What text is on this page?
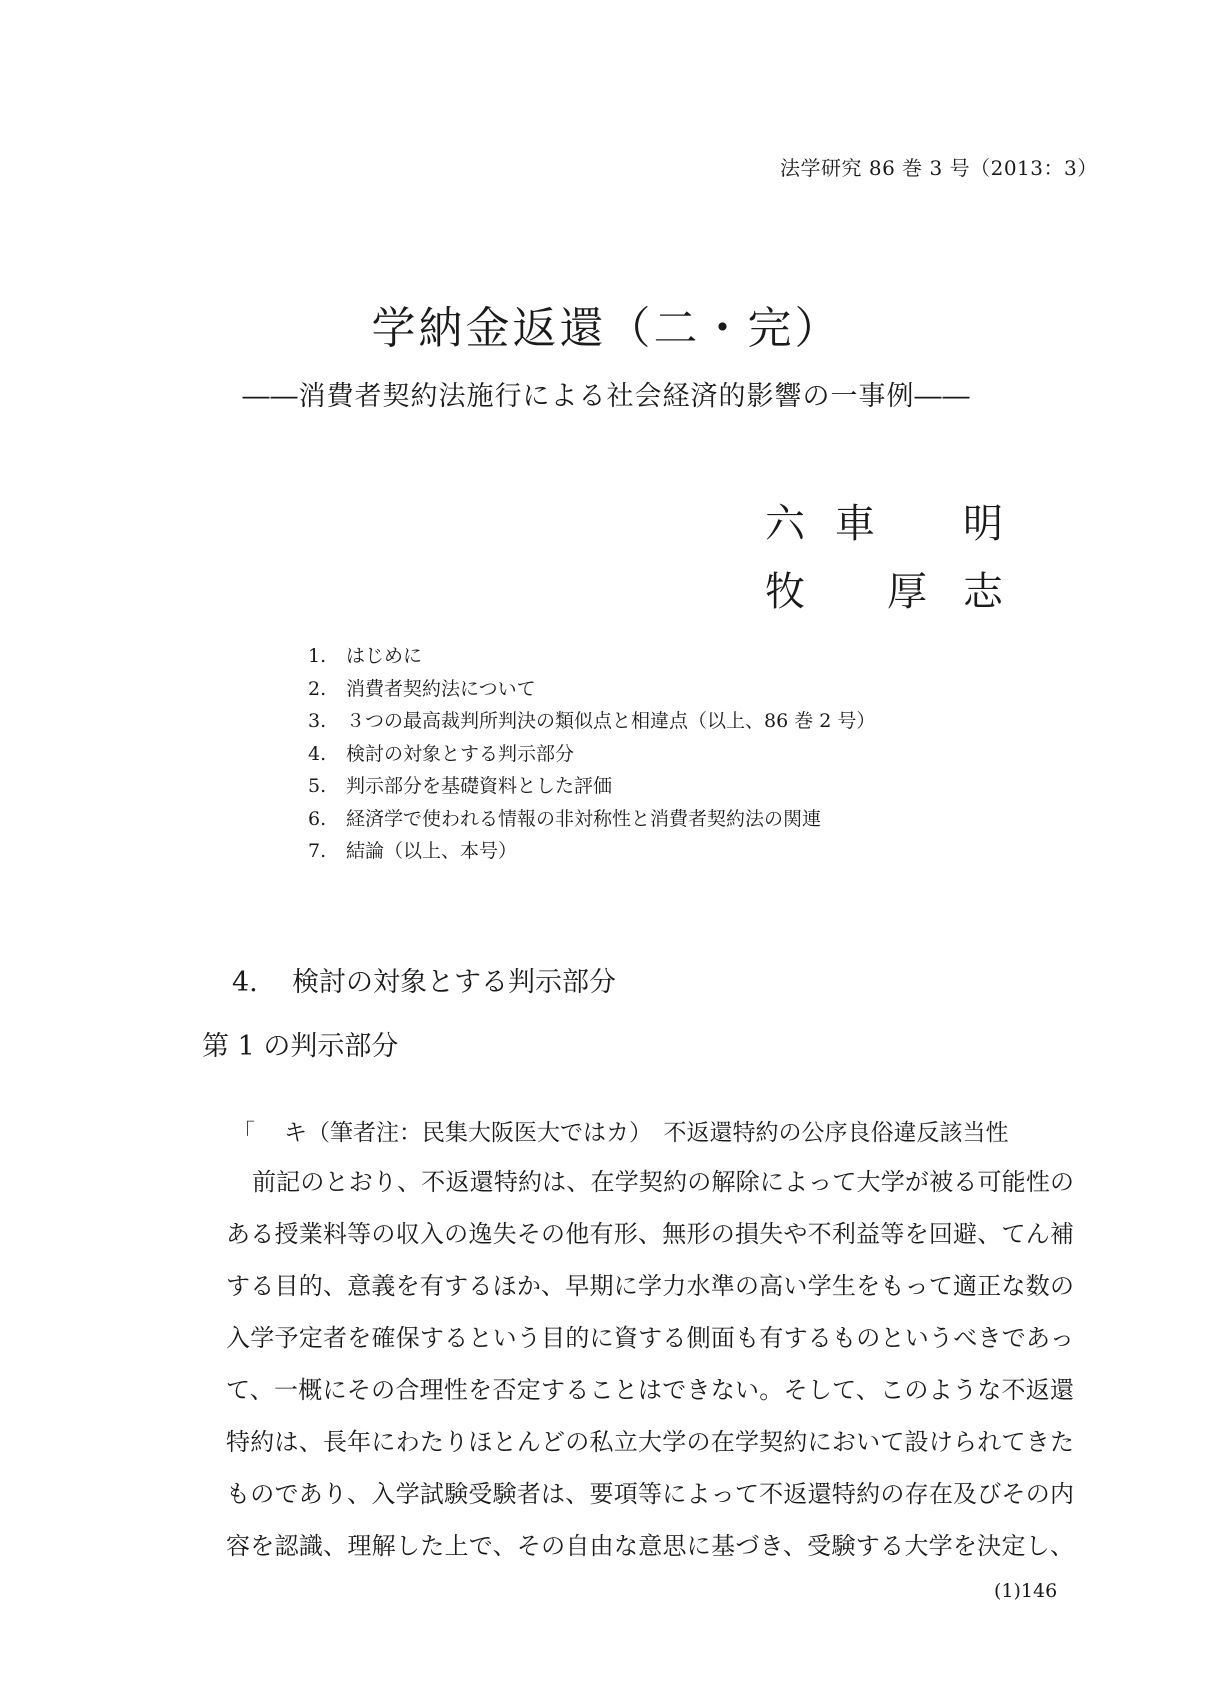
法学研究 86 巻 3 号（2013：3）
学納金返還（二・完）
――消費者契約法施行による社会経済的影響の一事例――
六 車 明
牧 厚 志
1. はじめに
2. 消費者契約法について
3. ３つの最高裁判所判決の類似点と相違点（以上、86 巻 2 号）
4. 検討の対象とする判示部分
5. 判示部分を基礎資料とした評価
6. 経済学で使われる情報の非対称性と消費者契約法の関連
7. 結論（以上、本号）
4. 検討の対象とする判示部分
第 1 の判示部分
「 キ（筆者注：民集大阪医大ではカ）　不返還特約の公序良俗違反該当性
前記のとおり、不返還特約は、在学契約の解除によって大学が被る可能性の
ある授業料等の収入の逸失その他有形、無形の損失や不利益等を回避、てん補
する目的、意義を有するほか、早期に学力水準の高い学生をもって適正な数の
入学予定者を確保するという目的に資する側面も有するものというべきであっ
て、一概にその合理性を否定することはできない。そして、このような不返還
特約は、長年にわたりほとんどの私立大学の在学契約において設けられてきた
ものであり、入学試験受験者は、要項等によって不返還特約の存在及びその内
容を認識、理解した上で、その自由な意思に基づき、受験する大学を決定し、
(1)146
